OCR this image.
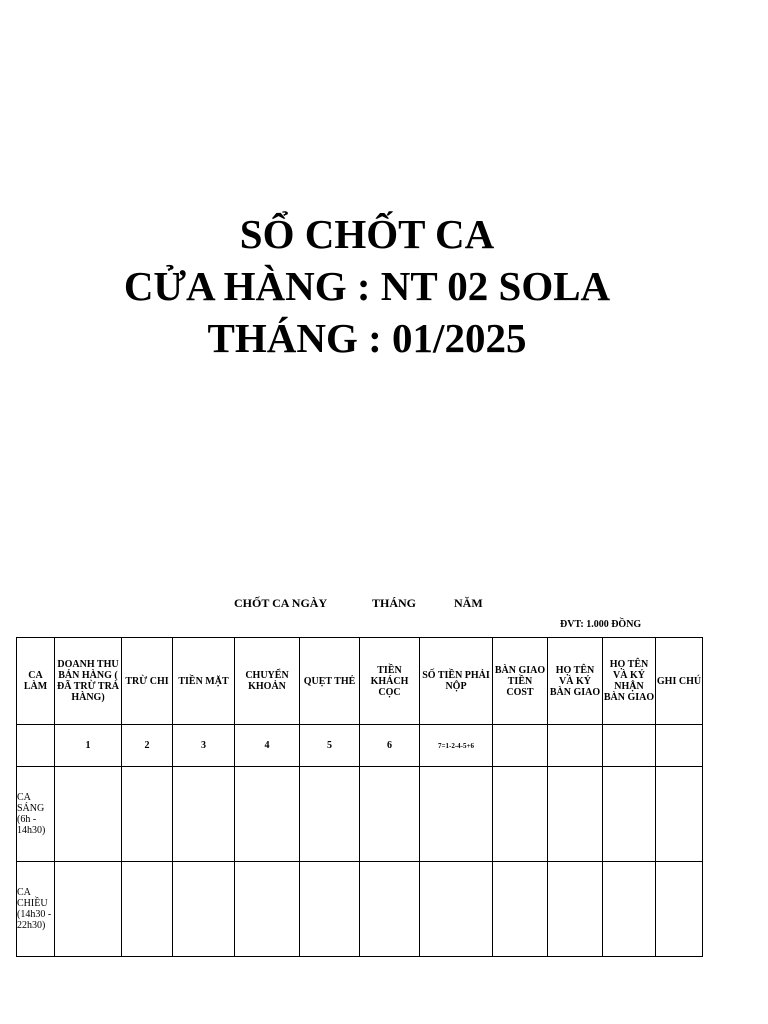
SỔ CHỐT CA
CỬA HÀNG : NT 02 SOLA
THÁNG : 01/2025
CHỐT CA NGÀY	THÁNG	NĂM
ĐVT: 1.000 ĐỒNG
CA LÀM	DOANH THU BÁN HÀNG ( ĐÃ TRỪ TRẢ HÀNG)	TRỪ CHI	TIỀN MẶT	CHUYỂN KHOẢN	QUẸT THẺ	TIỀN KHÁCH CỌC	SỐ TIỀN PHẢI NỘP	BÀN GIAO TIỀN COST	HỌ TÊN VÀ KÝ BÀN GIAO	HỌ TÊN VÀ KÝ NHẬN BÀN GIAO	GHI CHÚ
	1	2	3	4	5	6	7=1-2-4-5+6				
CA SÁNG (6h - 14h30)											
CA CHIỀU (14h30 - 22h30)											
